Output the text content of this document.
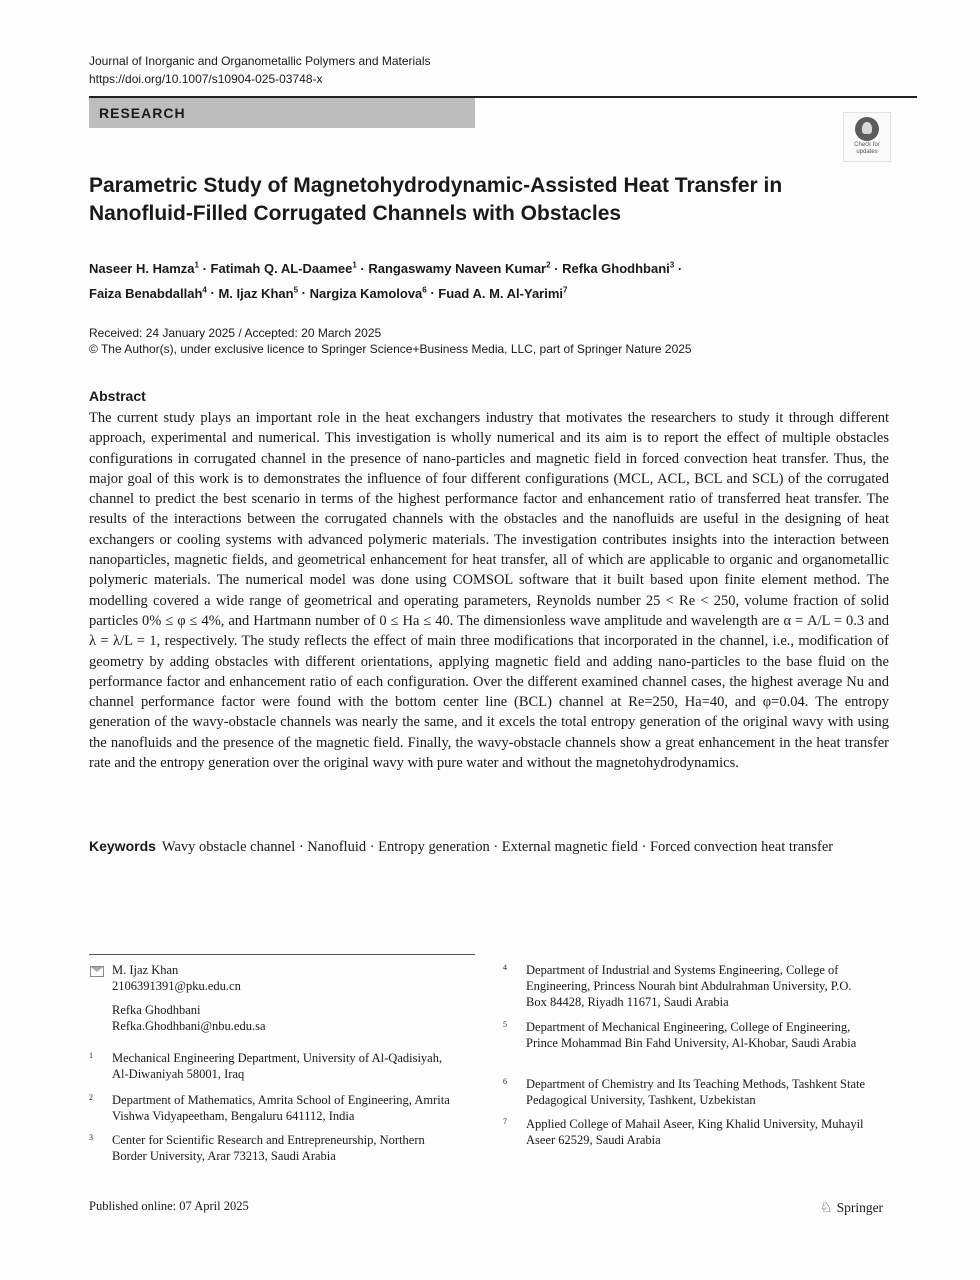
Journal of Inorganic and Organometallic Polymers and Materials
https://doi.org/10.1007/s10904-025-03748-x
RESEARCH
Check for
updates
Parametric Study of Magnetohydrodynamic-Assisted Heat Transfer in
Nanofluid-Filled Corrugated Channels with Obstacles
Naseer H. Hamza$^1$ · Fatimah Q. AL-Daamee$^1$ · Rangaswamy Naveen Kumar$^2$ · Refka Ghodhbani$^3$ ·
Faiza Benabdallah$^4$ · M. Ijaz Khan$^5$ · Nargiza Kamolova$^6$ · Fuad A. M. Al-Yarimi$^7$
Received: 24 January 2025 / Accepted: 20 March 2025
© The Author(s), under exclusive licence to Springer Science+Business Media, LLC, part of Springer Nature 2025
Abstract
The current study plays an important role in the heat exchangers industry that motivates the researchers to study it through different approach, experimental and numerical. This investigation is wholly numerical and its aim is to report the effect of multiple obstacles configurations in corrugated channel in the presence of nano-particles and magnetic field in forced convection heat transfer. Thus, the major goal of this work is to demonstrates the influence of four different configurations (MCL, ACL, BCL and SCL) of the corrugated channel to predict the best scenario in terms of the highest performance factor and enhancement ratio of transferred heat transfer. The results of the interactions between the corrugated channels with the obstacles and the nanofluids are useful in the designing of heat exchangers or cooling systems with advanced polymeric materials. The investigation contributes insights into the interaction between nanoparticles, magnetic fields, and geometrical enhancement for heat transfer, all of which are applicable to organic and organometallic polymeric materials. The numerical model was done using COMSOL software that it built based upon finite element method. The modelling covered a wide range of geometrical and operating parameters, Reynolds number 25 < Re < 250, volume fraction of solid particles 0% ≤ φ ≤ 4%, and Hartmann number of 0 ≤ Ha ≤ 40. The dimensionless wave amplitude and wavelength are α = A/L = 0.3 and λ = λ/L = 1, respectively. The study reflects the effect of main three modifications that incorporated in the channel, i.e., modification of geometry by adding obstacles with different orientations, applying magnetic field and adding nano-particles to the base fluid on the performance factor and enhancement ratio of each configuration. Over the different examined channel cases, the highest average Nu and channel performance factor were found with the bottom center line (BCL) channel at Re=250, Ha=40, and φ=0.04. The entropy generation of the wavy-obstacle channels was nearly the same, and it excels the total entropy generation of the original wavy with using the nanofluids and the presence of the magnetic field. Finally, the wavy-obstacle channels show a great enhancement in the heat transfer rate and the entropy generation over the original wavy with pure water and without the magnetohydrodynamics.
Keywords Wavy obstacle channel · Nanofluid · Entropy generation · External magnetic field · Forced convection heat transfer
M. Ijaz Khan
2106391391@pku.edu.cn
Refka Ghodhbani
Refka.Ghodhbani@nbu.edu.sa
1 Mechanical Engineering Department, University of Al-Qadisiyah, Al-Diwaniyah 58001, Iraq
2 Department of Mathematics, Amrita School of Engineering, Amrita Vishwa Vidyapeetham, Bengaluru 641112, India
3 Center for Scientific Research and Entrepreneurship, Northern Border University, Arar 73213, Saudi Arabia
4 Department of Industrial and Systems Engineering, College of Engineering, Princess Nourah bint Abdulrahman University, P.O. Box 84428, Riyadh 11671, Saudi Arabia
5 Department of Mechanical Engineering, College of Engineering, Prince Mohammad Bin Fahd University, Al-Khobar, Saudi Arabia
6 Department of Chemistry and Its Teaching Methods, Tashkent State Pedagogical University, Tashkent, Uzbekistan
7 Applied College of Mahail Aseer, King Khalid University, Muhayil Aseer 62529, Saudi Arabia
Published online: 07 April 2025	♘ Springer
